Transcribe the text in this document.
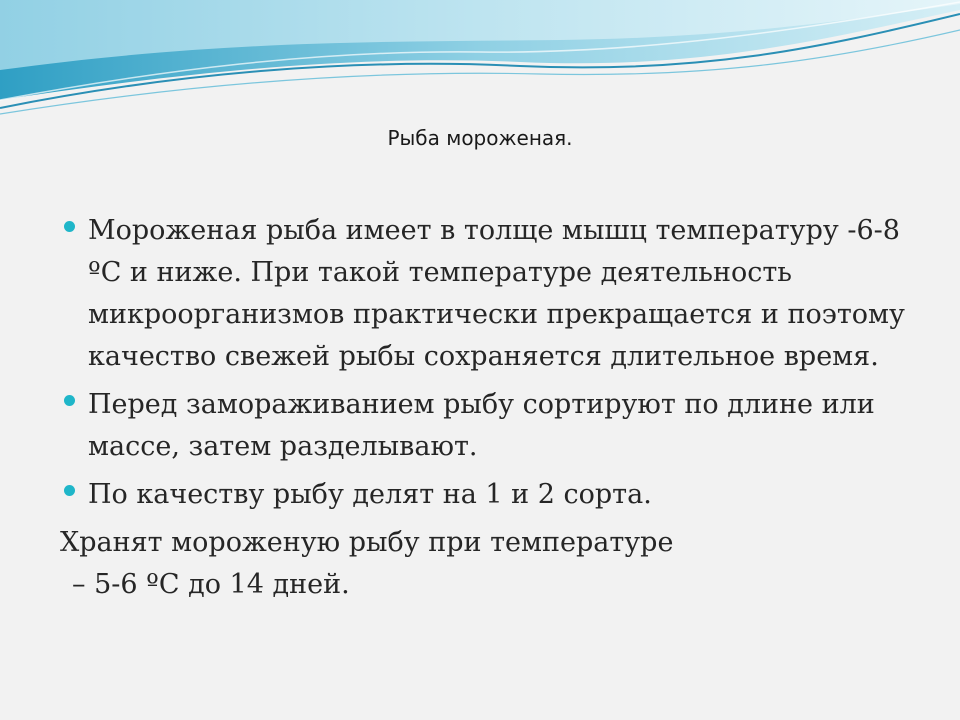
Рыба мороженая.
Мороженая рыба имеет в толще мышц температуру -6-8 ºС и ниже. При такой температуре деятельность микроорганизмов практически прекращается и поэтому качество свежей рыбы сохраняется длительное время.
Перед замораживанием рыбу сортируют по длине или массе, затем разделывают.
По качеству рыбу делят на 1 и 2 сорта.

Хранят мороженую рыбу при температуре

– 5-6 ºС до 14 дней.
